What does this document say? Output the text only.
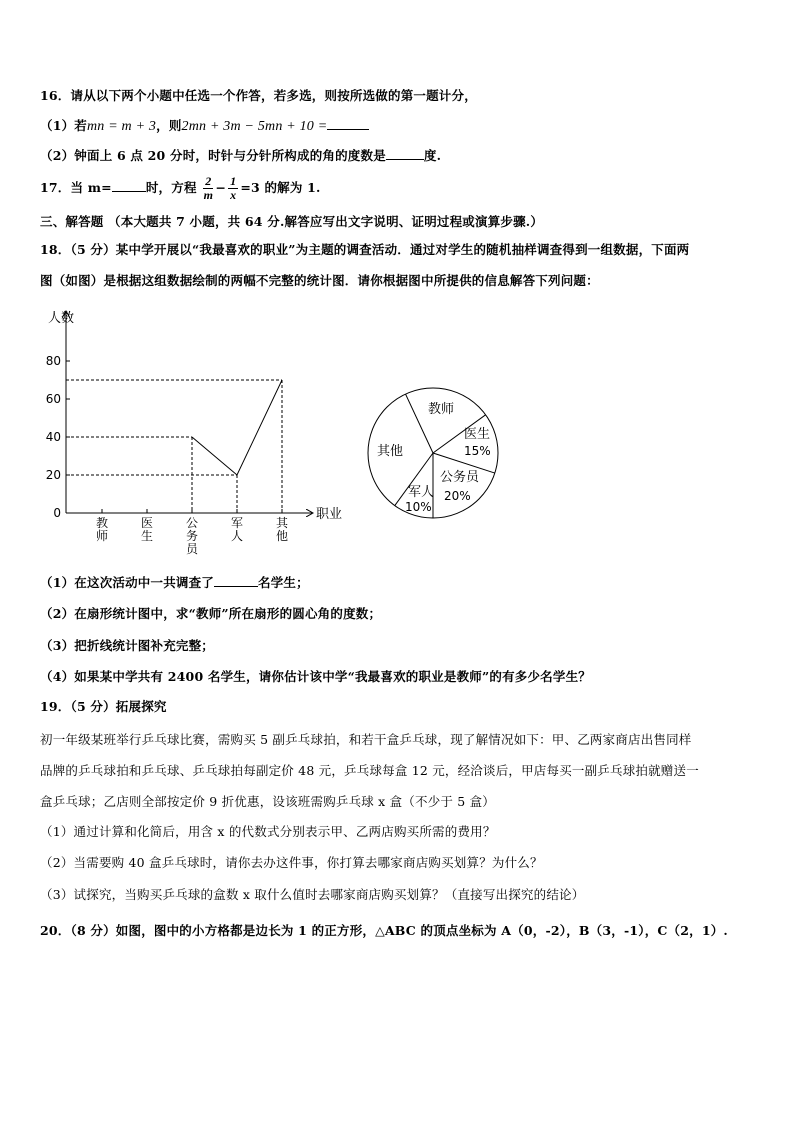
16．请从以下两个小题中任选一个作答，若多选，则按所选做的第一题计分，
（1）若mn = m + 3，则2mn + 3m − 5mn + 10 =
（2）钟面上 6 点 20 分时，时针与分针所构成的角的度数是	度.
17．当 m=	时，方程 $\frac{2}{m} - \frac{1}{x} =3$ 的解为 1.
三、解答题 （本大题共 7 小题，共 64 分.解答应写出文字说明、证明过程或演算步骤.）
18．（5 分）某中学开展以“我最喜欢的职业”为主题的调查活动．通过对学生的随机抽样调查得到一组数据，下面两
图（如图）是根据这组数据绘制的两幅不完整的统计图．请你根据图中所提供的信息解答下列问题：
0
20
40
60
80
教师
医生
公务员
军人
其他
人数
职业
教师
医生
15%
公务员
20%
军人
10%
其他
（1）在这次活动中一共调查了	名学生；
（2）在扇形统计图中，求“教师”所在扇形的圆心角的度数；
（3）把折线统计图补充完整；
（4）如果某中学共有 2400 名学生，请你估计该中学“我最喜欢的职业是教师”的有多少名学生？
19．（5 分）拓展探究
初一年级某班举行乒乓球比赛，需购买 5 副乒乓球拍，和若干盒乒乓球，现了解情况如下：甲、乙两家商店出售同样
品牌的乒乓球拍和乒乓球、乒乓球拍每副定价 48 元，乒乓球每盒 12 元，经洽谈后，甲店每买一副乒乓球拍就赠送一
盒乒乓球；乙店则全部按定价 9 折优惠，设该班需购乒乓球 x 盒（不少于 5 盒）
（1）通过计算和化简后，用含 x 的代数式分别表示甲、乙两店购买所需的费用？
（2）当需要购 40 盒乒乓球时，请你去办这件事，你打算去哪家商店购买划算？为什么？
（3）试探究，当购买乒乓球的盒数 x 取什么值时去哪家商店购买划算？（直接写出探究的结论）
20．（8 分）如图，图中的小方格都是边长为 1 的正方形，△ABC 的顶点坐标为 A（0，-2），B（3，-1），C（2，1）.
